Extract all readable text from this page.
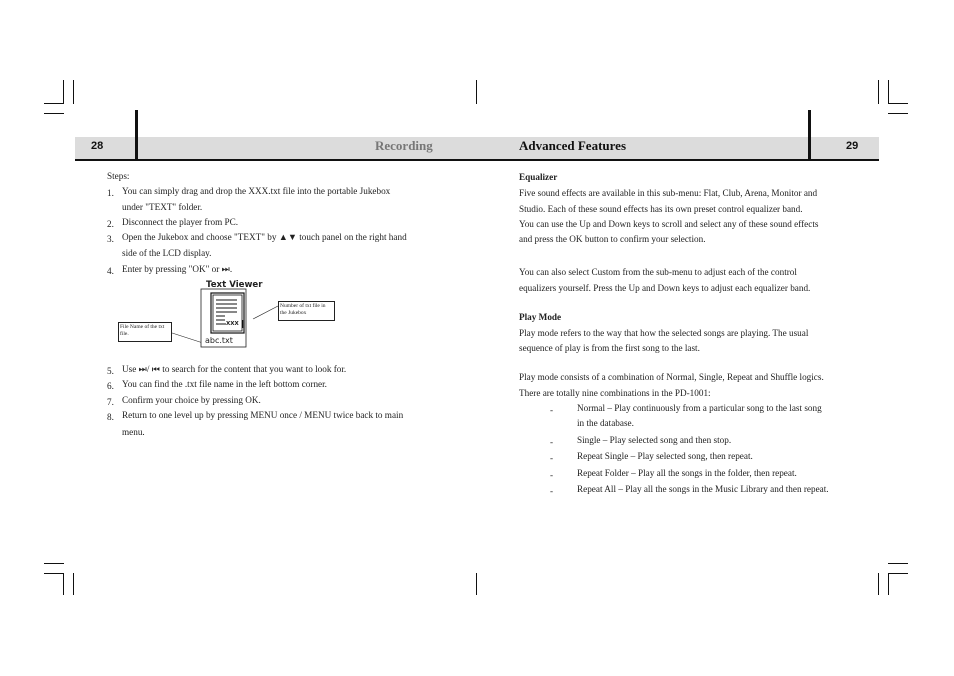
28	Recording	Advanced Features	29
Steps:
1. You can simply drag and drop the XXX.txt file into the portable Jukebox
under "TEXT" folder.
2. Disconnect the player from PC.
3. Open the Jukebox and choose "TEXT" by ▲▼ touch panel on the right hand
side of the LCD display.
4. Enter by pressing "OK" or ⏭.
5. Use ⏭/ ⏮ to search for the content that you want to look for.
6. You can find the .txt file name in the left bottom corner.
7. Confirm your choice by pressing OK.
8. Return to one level up by pressing MENU once / MENU twice back to main
menu.
Text Viewer
XXX
abc.txt
Number of txt file in the Jukebox
File Name of the txt file.
Equalizer
Five sound effects are available in this sub-menu: Flat, Club, Arena, Monitor and
Studio. Each of these sound effects has its own preset control equalizer band.
You can use the Up and Down keys to scroll and select any of these sound effects
and press the OK button to confirm your selection.
You can also select Custom from the sub-menu to adjust each of the control
equalizers yourself. Press the Up and Down keys to adjust each equalizer band.
Play Mode
Play mode refers to the way that how the selected songs are playing. The usual
sequence of play is from the first song to the last.
Play mode consists of a combination of Normal, Single, Repeat and Shuffle logics.
There are totally nine combinations in the PD-1001:
-	Normal – Play continuously from a particular song to the last song
in the database.
-	Single – Play selected song and then stop.
-	Repeat Single – Play selected song, then repeat.
-	Repeat Folder – Play all the songs in the folder, then repeat.
-	Repeat All – Play all the songs in the Music Library and then repeat.
